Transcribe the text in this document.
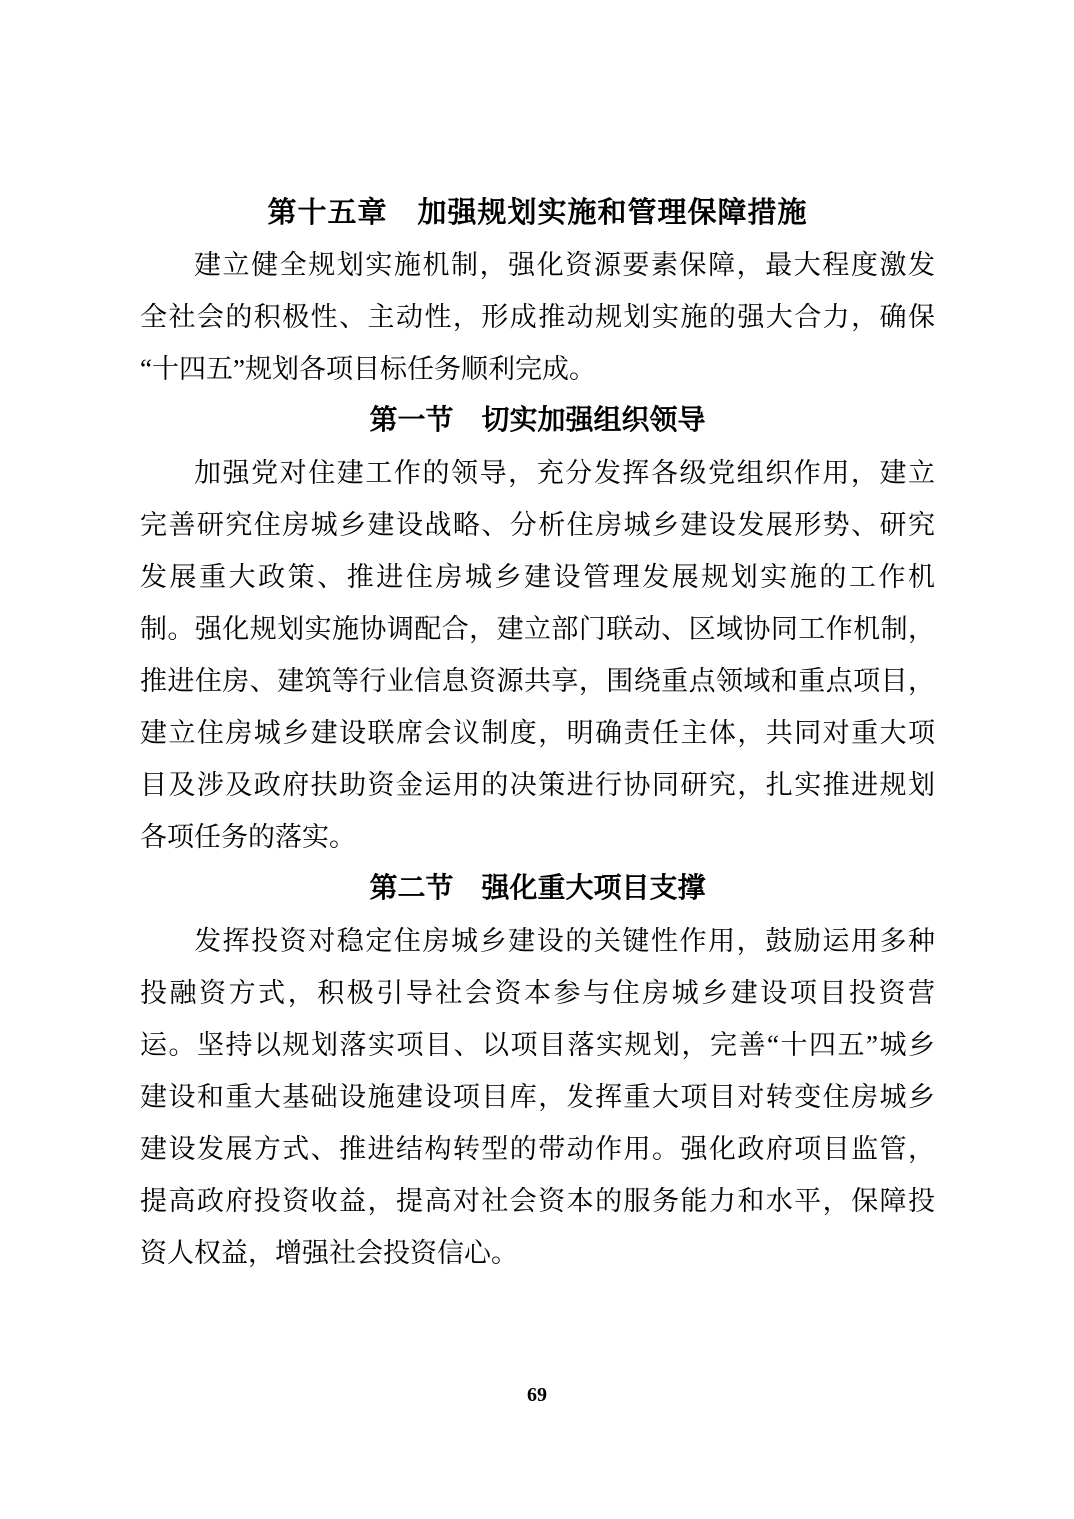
第十五章　加强规划实施和管理保障措施
建立健全规划实施机制，强化资源要素保障，最大程度激发
全社会的积极性、主动性，形成推动规划实施的强大合力，确保
“十四五”规划各项目标任务顺利完成。
第一节　切实加强组织领导
加强党对住建工作的领导，充分发挥各级党组织作用，建立
完善研究住房城乡建设战略、分析住房城乡建设发展形势、研究
发展重大政策、推进住房城乡建设管理发展规划实施的工作机
制。强化规划实施协调配合，建立部门联动、区域协同工作机制，
推进住房、建筑等行业信息资源共享，围绕重点领域和重点项目，
建立住房城乡建设联席会议制度，明确责任主体，共同对重大项
目及涉及政府扶助资金运用的决策进行协同研究，扎实推进规划
各项任务的落实。
第二节　强化重大项目支撑
发挥投资对稳定住房城乡建设的关键性作用，鼓励运用多种
投融资方式，积极引导社会资本参与住房城乡建设项目投资营
运。坚持以规划落实项目、以项目落实规划，完善“十四五”城乡
建设和重大基础设施建设项目库，发挥重大项目对转变住房城乡
建设发展方式、推进结构转型的带动作用。强化政府项目监管，
提高政府投资收益，提高对社会资本的服务能力和水平，保障投
资人权益，增强社会投资信心。
69
